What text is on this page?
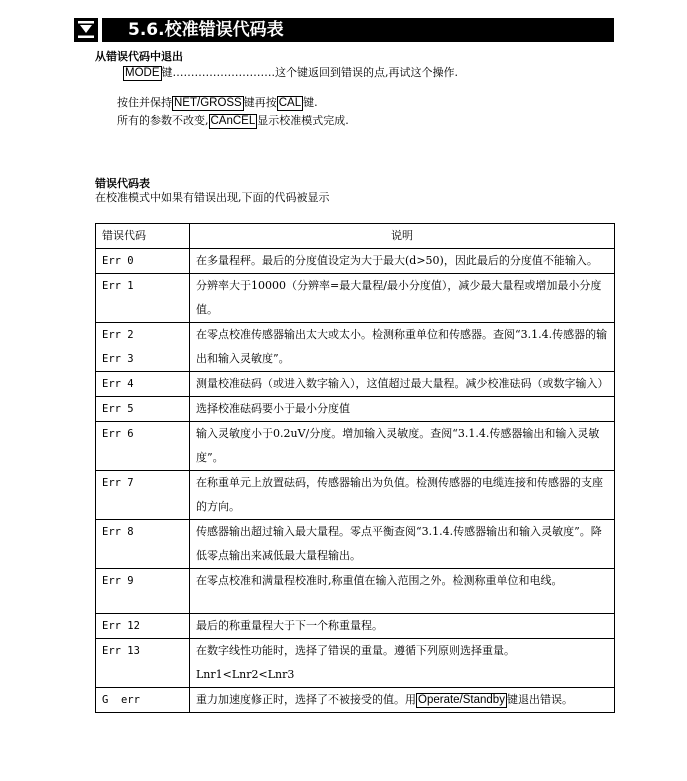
5.6.校准错误代码表
从错误代码中退出
MODE 键……………………….这个键返回到错误的点,再试这个操作.
按住并保持 NET/GROSS 键再按 CAL 键.
所有的参数不改变, CAnCEL 显示校准模式完成.
错误代码表
在校准模式中如果有错误出现,下面的代码被显示
错误代码	说明
Err 0	在多量程秤。最后的分度值设定为大于最大(d>50)，因此最后的分度值不能输入。
Err 1	分辨率大于10000（分辨率=最大量程/最小分度值），减少最大量程或增加最小分度值。
Err 2
Err 3	在零点校准传感器输出太大或太小。检测称重单位和传感器。查阅“3.1.4.传感器的输出和输入灵敏度”。
Err 4	测量校准砝码（或进入数字输入），这值超过最大量程。减少校准砝码（或数字输入）
Err 5	选择校准砝码要小于最小分度值
Err 6	输入灵敏度小于0.2uV/分度。增加输入灵敏度。查阅“3.1.4.传感器输出和输入灵敏度”。
Err 7	在称重单元上放置砝码，传感器输出为负值。检测传感器的电缆连接和传感器的支座的方向。
Err 8	传感器输出超过输入最大量程。零点平衡查阅“3.1.4.传感器输出和输入灵敏度”。降低零点输出来减低最大量程输出。
Err 9	在零点校准和满量程校准时,称重值在输入范围之外。检测称重单位和电线。
Err 12	最后的称重量程大于下一个称重量程。
Err 13	在数字线性功能时，选择了错误的重量。遵循下列原则选择重量。Lnr1<Lnr2<Lnr3
G  err	重力加速度修正时，选择了不被接受的值。用 Operate/Standby 键退出错误。
